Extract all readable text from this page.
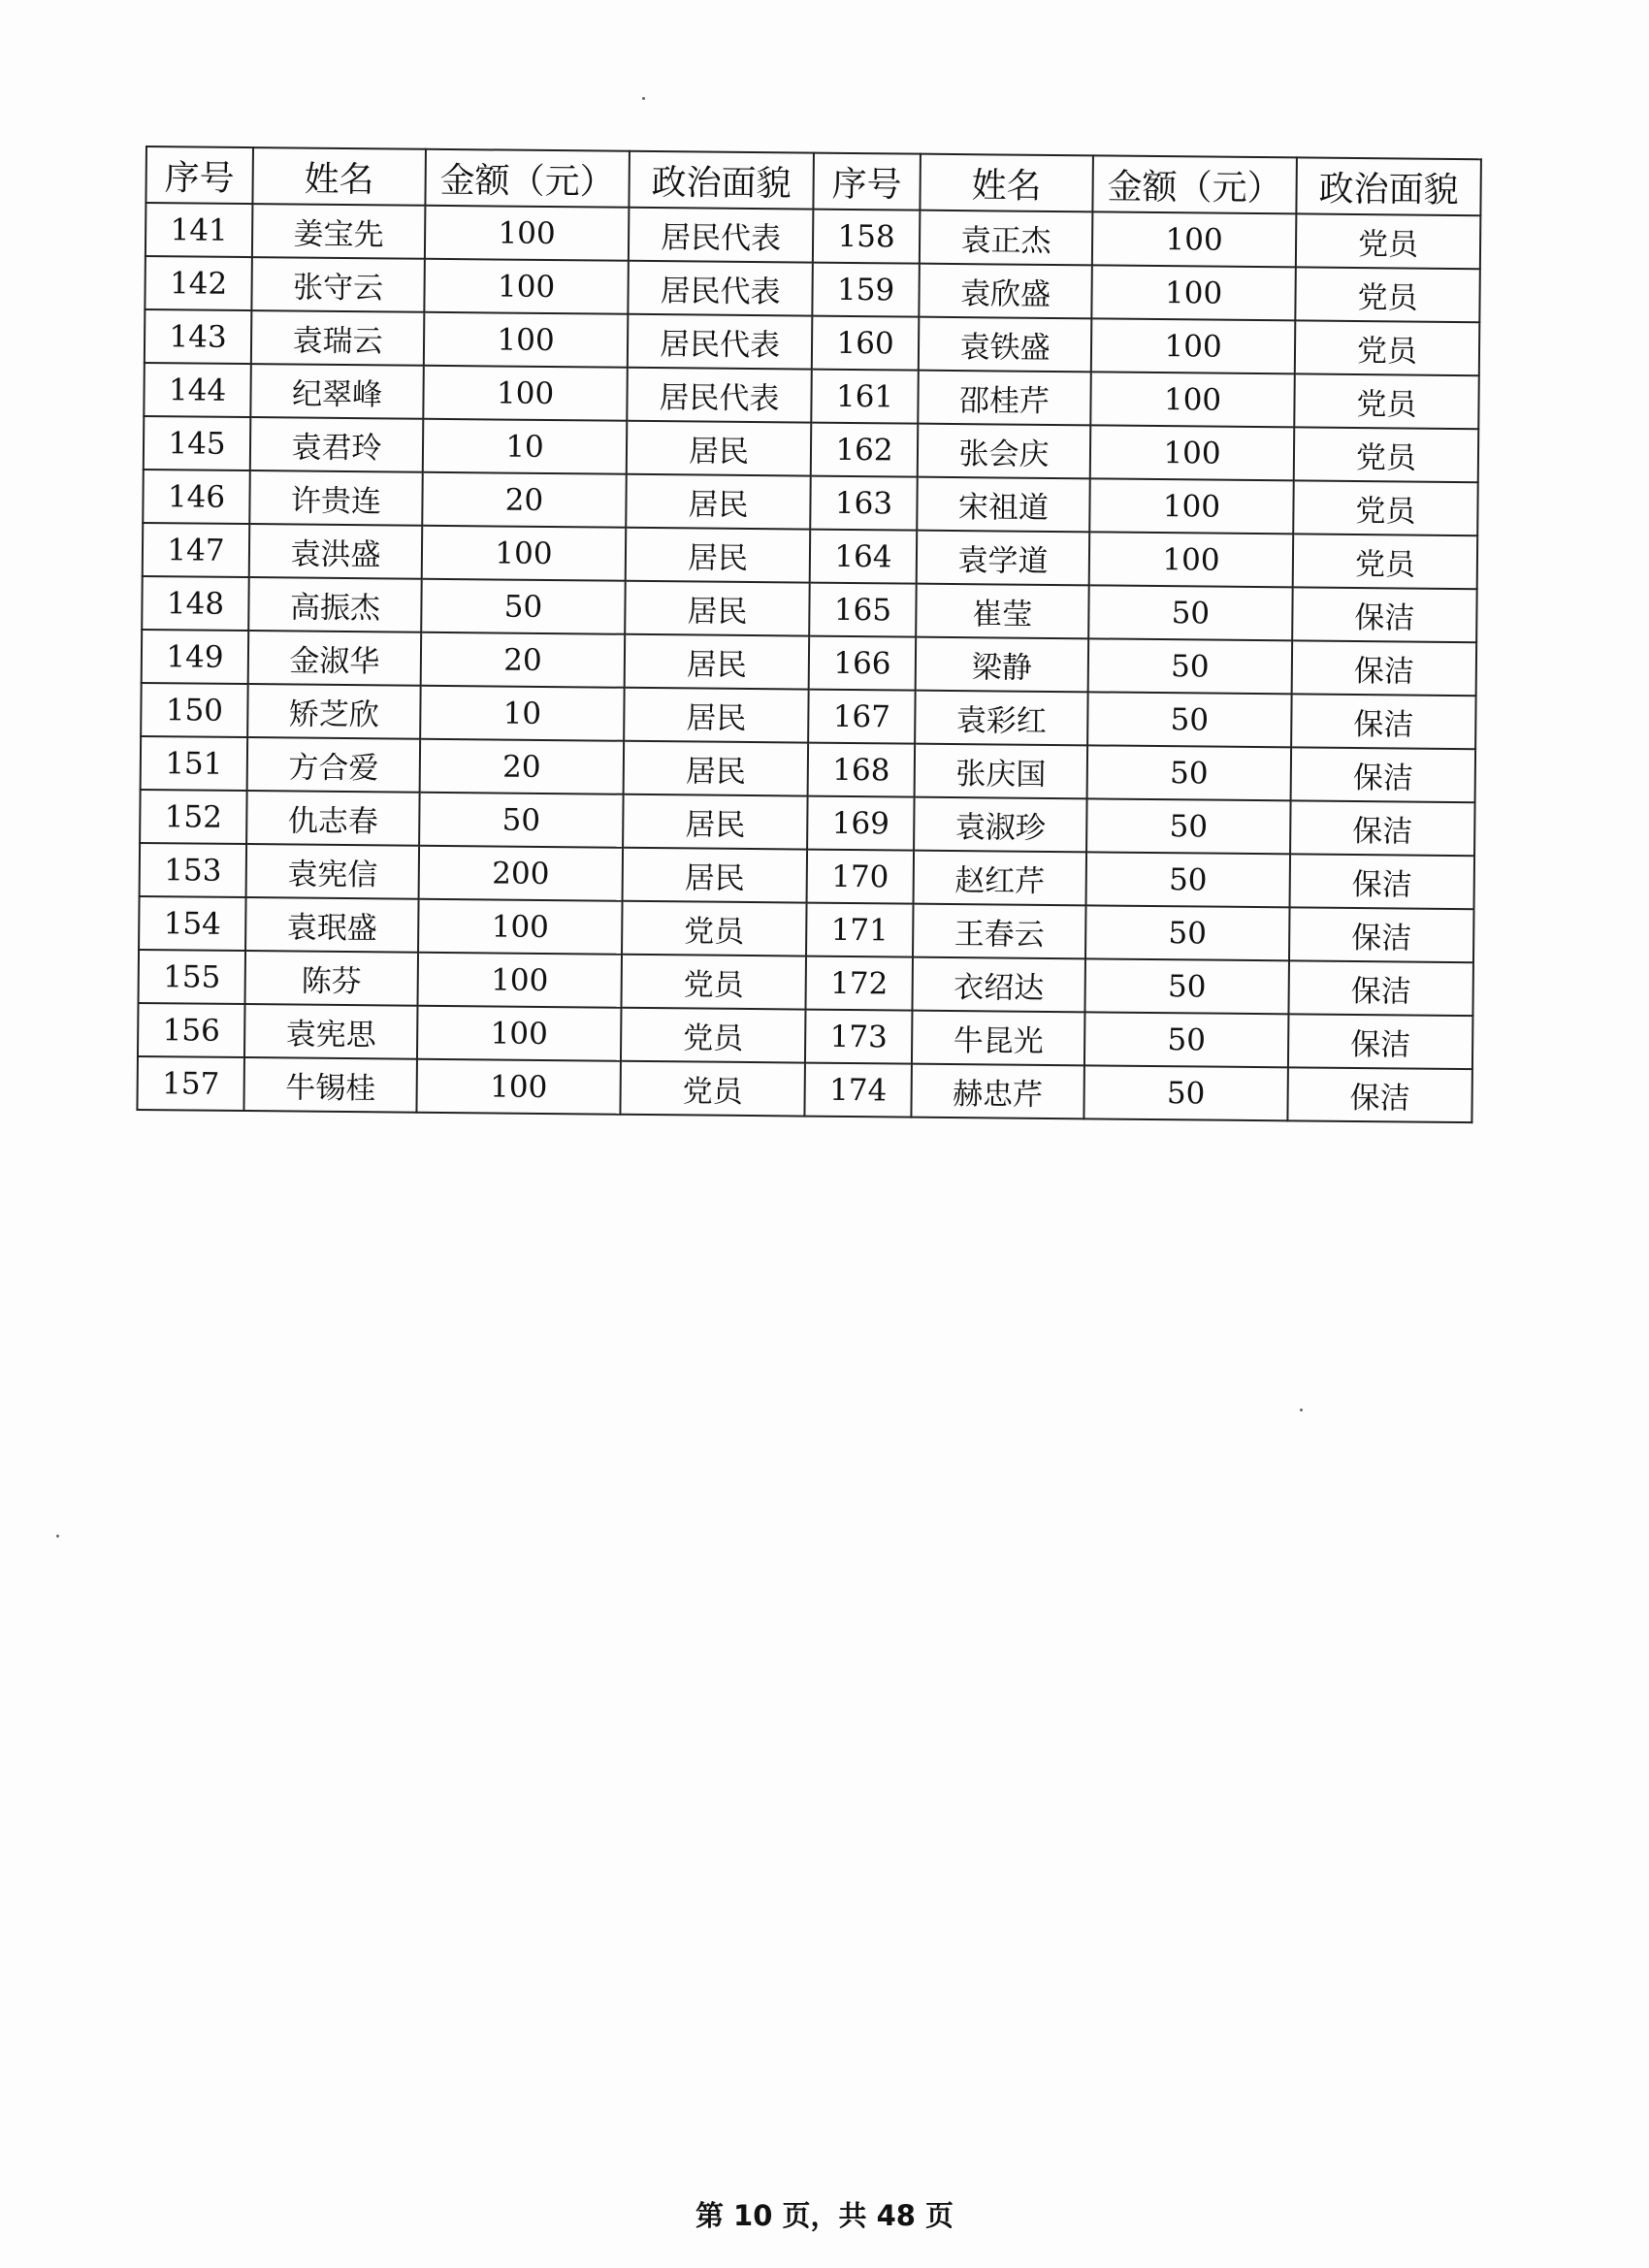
序号	姓名	金额（元）	政治面貌	序号	姓名	金额（元）	政治面貌
141	姜宝先	100	居民代表	158	袁正杰	100	党员
142	张守云	100	居民代表	159	袁欣盛	100	党员
143	袁瑞云	100	居民代表	160	袁铁盛	100	党员
144	纪翠峰	100	居民代表	161	邵桂芹	100	党员
145	袁君玲	10	居民	162	张会庆	100	党员
146	许贵连	20	居民	163	宋祖道	100	党员
147	袁洪盛	100	居民	164	袁学道	100	党员
148	高振杰	50	居民	165	崔莹	50	保洁
149	金淑华	20	居民	166	梁静	50	保洁
150	矫芝欣	10	居民	167	袁彩红	50	保洁
151	方合爱	20	居民	168	张庆国	50	保洁
152	仇志春	50	居民	169	袁淑珍	50	保洁
153	袁宪信	200	居民	170	赵红芹	50	保洁
154	袁珉盛	100	党员	171	王春云	50	保洁
155	陈芬	100	党员	172	衣绍达	50	保洁
156	袁宪思	100	党员	173	牛昆光	50	保洁
157	牛锡桂	100	党员	174	赫忠芹	50	保洁
第 10 页，共 48 页
